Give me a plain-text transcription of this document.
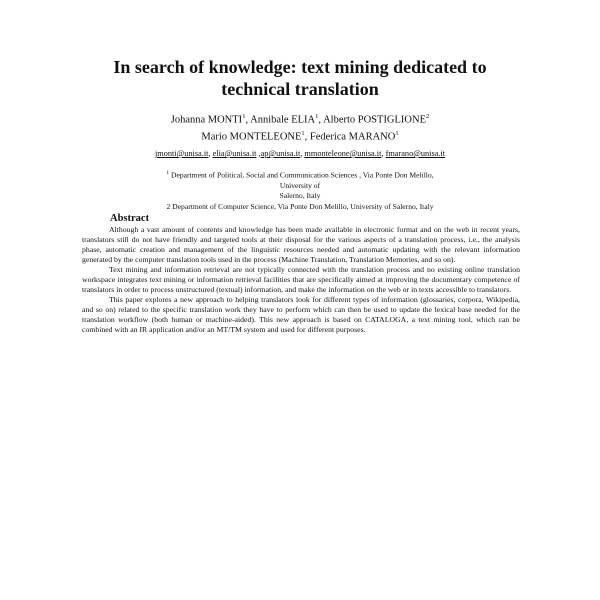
In search of knowledge: text mining dedicated to
technical translation
Johanna MONTI$^1$, Annibale ELIA$^1$, Alberto POSTIGLIONE$^2$
Mario MONTELEONE$^1$, Federica MARANO$^1$
jmonti@unisa.it, elia@unisa.it ,ap@unisa.it, mmonteleone@unisa.it, fmarano@unisa.it
$^1$ Department of Political, Social and Communication Sciences , Via Ponte Don Melillo, University of
Salerno, Italy
2 Department of Computer Science, Via Ponte Don Melillo, University of Salerno, Italy
Abstract

Although a vast amount of contents and knowledge has been made available in electronic format and on the web in recent years, translators still do not have friendly and targeted tools at their disposal for the various aspects of a translation process, i.e., the analysis phase, automatic creation and management of the linguistic resources needed and automatic updating with the relevant information generated by the computer translation tools used in the process (Machine Translation, Translation Memories, and so on).

Text mining and information retrieval are not typically connected with the translation process and no existing online translation workspace integrates text mining or information retrieval facilities that are specifically aimed at improving the documentary competence of translators in order to process unstructured (textual) information, and make the information on the web or in texts accessible to translators.

This paper explores a new approach to helping translators look for different types of information (glossaries, corpora, Wikipedia, and so on) related to the specific translation work they have to perform which can then be used to update the lexical base needed for the translation workflow (both human or machine-aided). This new approach is based on CATALOGA, a text mining tool, which can be combined with an IR application and/or an MT/TM system and used for different purposes.
